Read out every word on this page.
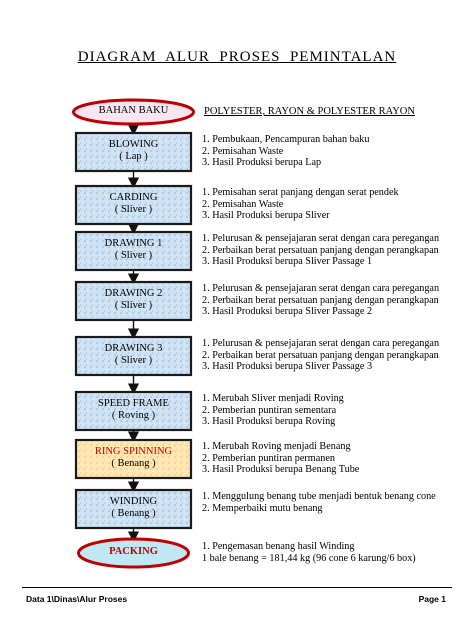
DIAGRAM  ALUR  PROSES  PEMINTALAN
POLYESTER, RAYON & POLYESTER RAYON
BAHAN BAKU
BLOWING
( Lap )
CARDING
( Sliver )
DRAWING 1
( Sliver )
DRAWING 2
( Sliver )
DRAWING 3
( Sliver )
SPEED FRAME
( Roving )
RING SPINNING
( Benang )
WINDING
( Benang )
PACKING
1. Pembukaan, Pencampuran bahan baku
2. Pemisahan Waste
3. Hasil Produksi berupa Lap
1. Pemisahan serat panjang dengan serat pendek
2. Pemisahan Waste
3. Hasil Produksi berupa Sliver
1. Pelurusan & pensejajaran serat dengan cara peregangan
2. Perbaikan berat persatuan panjang dengan perangkapan
3. Hasil Produksi berupa Sliver Passage 1
1. Pelurusan & pensejajaran serat dengan cara peregangan
2. Perbaikan berat persatuan panjang dengan perangkapan
3. Hasil Produksi berupa Sliver Passage 2
1. Pelurusan & pensejajaran serat dengan cara peregangan
2. Perbaikan berat persatuan panjang dengan perangkapan
3. Hasil Produksi berupa Sliver Passage 3
1. Merubah Sliver menjadi Roving
2. Pemberian puntiran sementara
3. Hasil Produksi berupa Roving
1. Merubah Roving menjadi Benang
2. Pemberian puntiran permanen
3. Hasil Produksi berupa Benang Tube
1. Menggulung benang tube menjadi bentuk benang cone
2. Memperbaiki mutu benang
1. Pengemasan benang hasil Winding
1 bale benang = 181,44 kg (96 cone 6 karung/6 box)
Data 1\Dinas\Alur Proses	Page 1
